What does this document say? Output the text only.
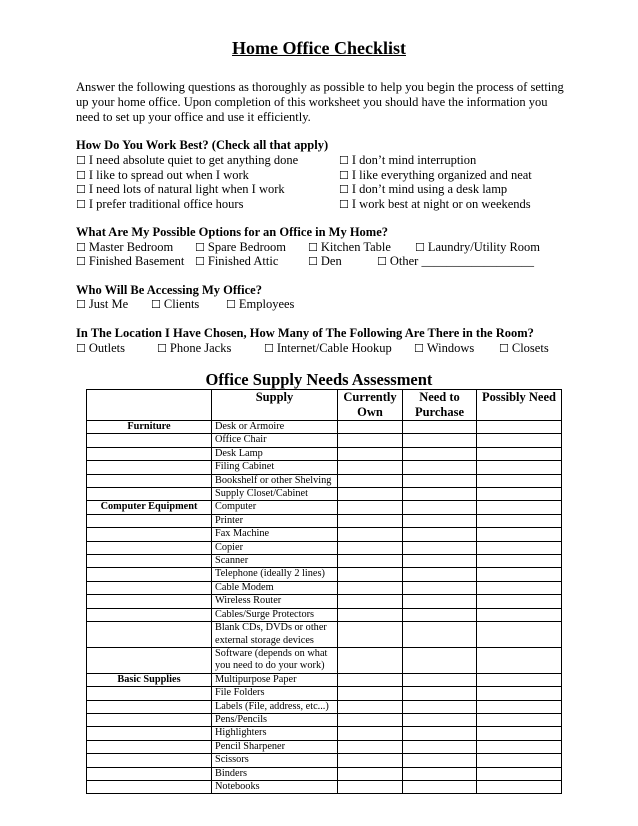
Home Office Checklist
Answer the following questions as thoroughly as possible to help you begin the process of setting up your home office. Upon completion of this worksheet you should have the information you need to set up your office and use it efficiently.
How Do You Work Best? (Check all that apply)
☐ I need absolute quiet to get anything done	☐ I don’t mind interruption
☐ I like to spread out when I work	☐ I like everything organized and neat
☐ I need lots of natural light when I work	☐ I don’t mind using a desk lamp
☐ I prefer traditional office hours	☐ I work best at night or on weekends
What Are My Possible Options for an Office in My Home?
☐ Master Bedroom ☐ Spare Bedroom ☐ Kitchen Table ☐ Laundry/Utility Room
☐ Finished Basement ☐ Finished Attic	☐ Den	☐ Other __________________
Who Will Be Accessing My Office?
☐ Just Me ☐ Clients ☐ Employees
In The Location I Have Chosen, How Many of The Following Are There in the Room?
☐ Outlets	☐ Phone Jacks	☐ Internet/Cable Hookup ☐ Windows ☐ Closets
Office Supply Needs Assessment
	Supply	Currently Own	Need to Purchase	Possibly Need
Furniture	Desk or Armoire			
	Office Chair			
	Desk Lamp			
	Filing Cabinet			
	Bookshelf or other Shelving			
	Supply Closet/Cabinet			
Computer Equipment	Computer			
	Printer			
	Fax Machine			
	Copier			
	Scanner			
	Telephone (ideally 2 lines)			
	Cable Modem			
	Wireless Router			
	Cables/Surge Protectors			
	Blank CDs, DVDs or other external storage devices			
	Software (depends on what you need to do your work)			
Basic Supplies	Multipurpose Paper			
	File Folders			
	Labels (File, address, etc...)			
	Pens/Pencils			
	Highlighters			
	Pencil Sharpener			
	Scissors			
	Binders			
	Notebooks			
